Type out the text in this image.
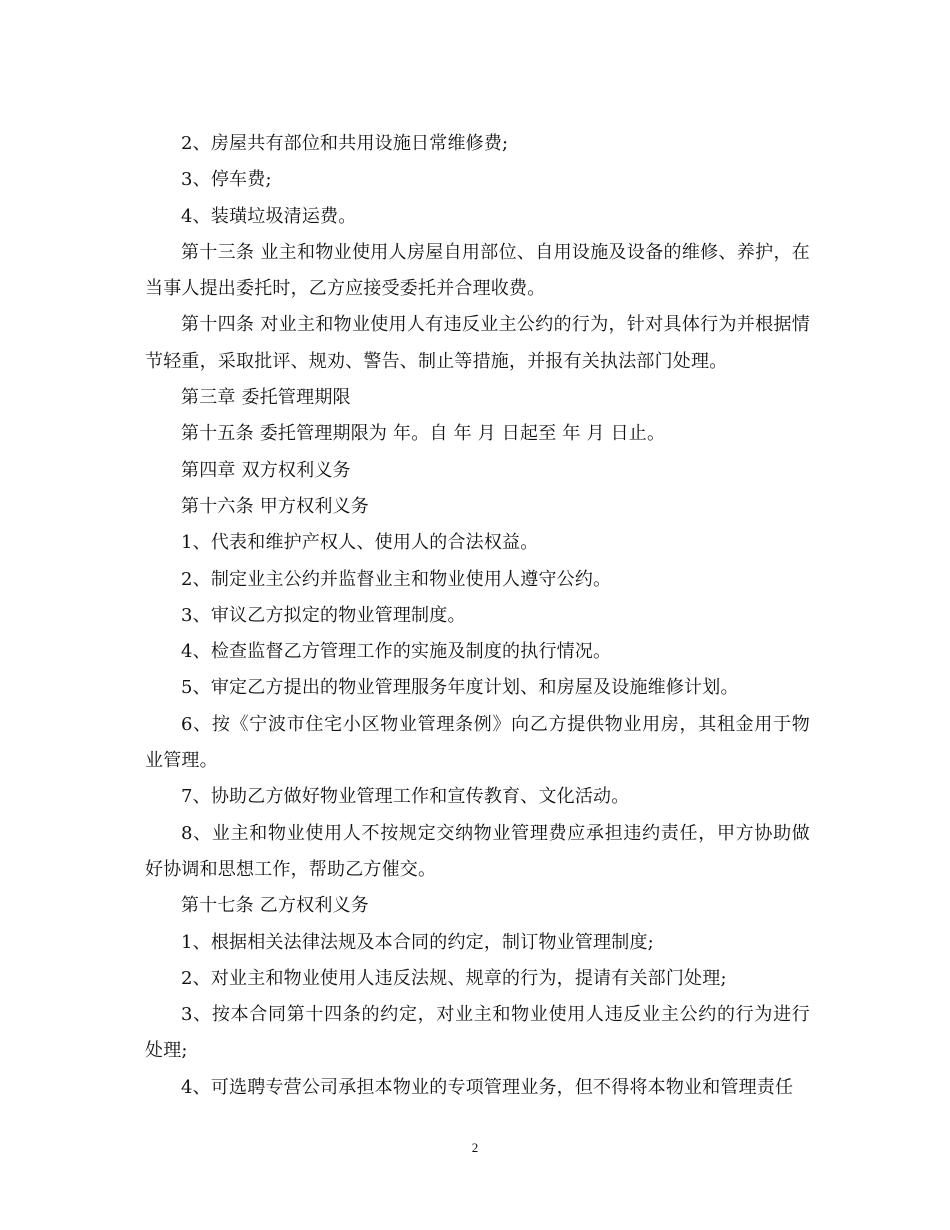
2、房屋共有部位和共用设施日常维修费;

3、停车费;

4、装璜垃圾清运费。

第十三条 业主和物业使用人房屋自用部位、自用设施及设备的维修、养护，在当事人提出委托时，乙方应接受委托并合理收费。

第十四条 对业主和物业使用人有违反业主公约的行为，针对具体行为并根据情节轻重，采取批评、规劝、警告、制止等措施，并报有关执法部门处理。

第三章 委托管理期限

第十五条 委托管理期限为 年。自 年 月 日起至 年 月 日止。

第四章 双方权利义务

第十六条 甲方权利义务

1、代表和维护产权人、使用人的合法权益。

2、制定业主公约并监督业主和物业使用人遵守公约。

3、审议乙方拟定的物业管理制度。

4、检查监督乙方管理工作的实施及制度的执行情况。

5、审定乙方提出的物业管理服务年度计划、和房屋及设施维修计划。

6、按《宁波市住宅小区物业管理条例》向乙方提供物业用房，其租金用于物业管理。

7、协助乙方做好物业管理工作和宣传教育、文化活动。

8、业主和物业使用人不按规定交纳物业管理费应承担违约责任，甲方协助做好协调和思想工作，帮助乙方催交。

第十七条 乙方权利义务

1、根据相关法律法规及本合同的约定，制订物业管理制度;

2、对业主和物业使用人违反法规、规章的行为，提请有关部门处理;

3、按本合同第十四条的约定，对业主和物业使用人违反业主公约的行为进行处理;

4、可选聘专营公司承担本物业的专项管理业务，但不得将本物业和管理责任

2
